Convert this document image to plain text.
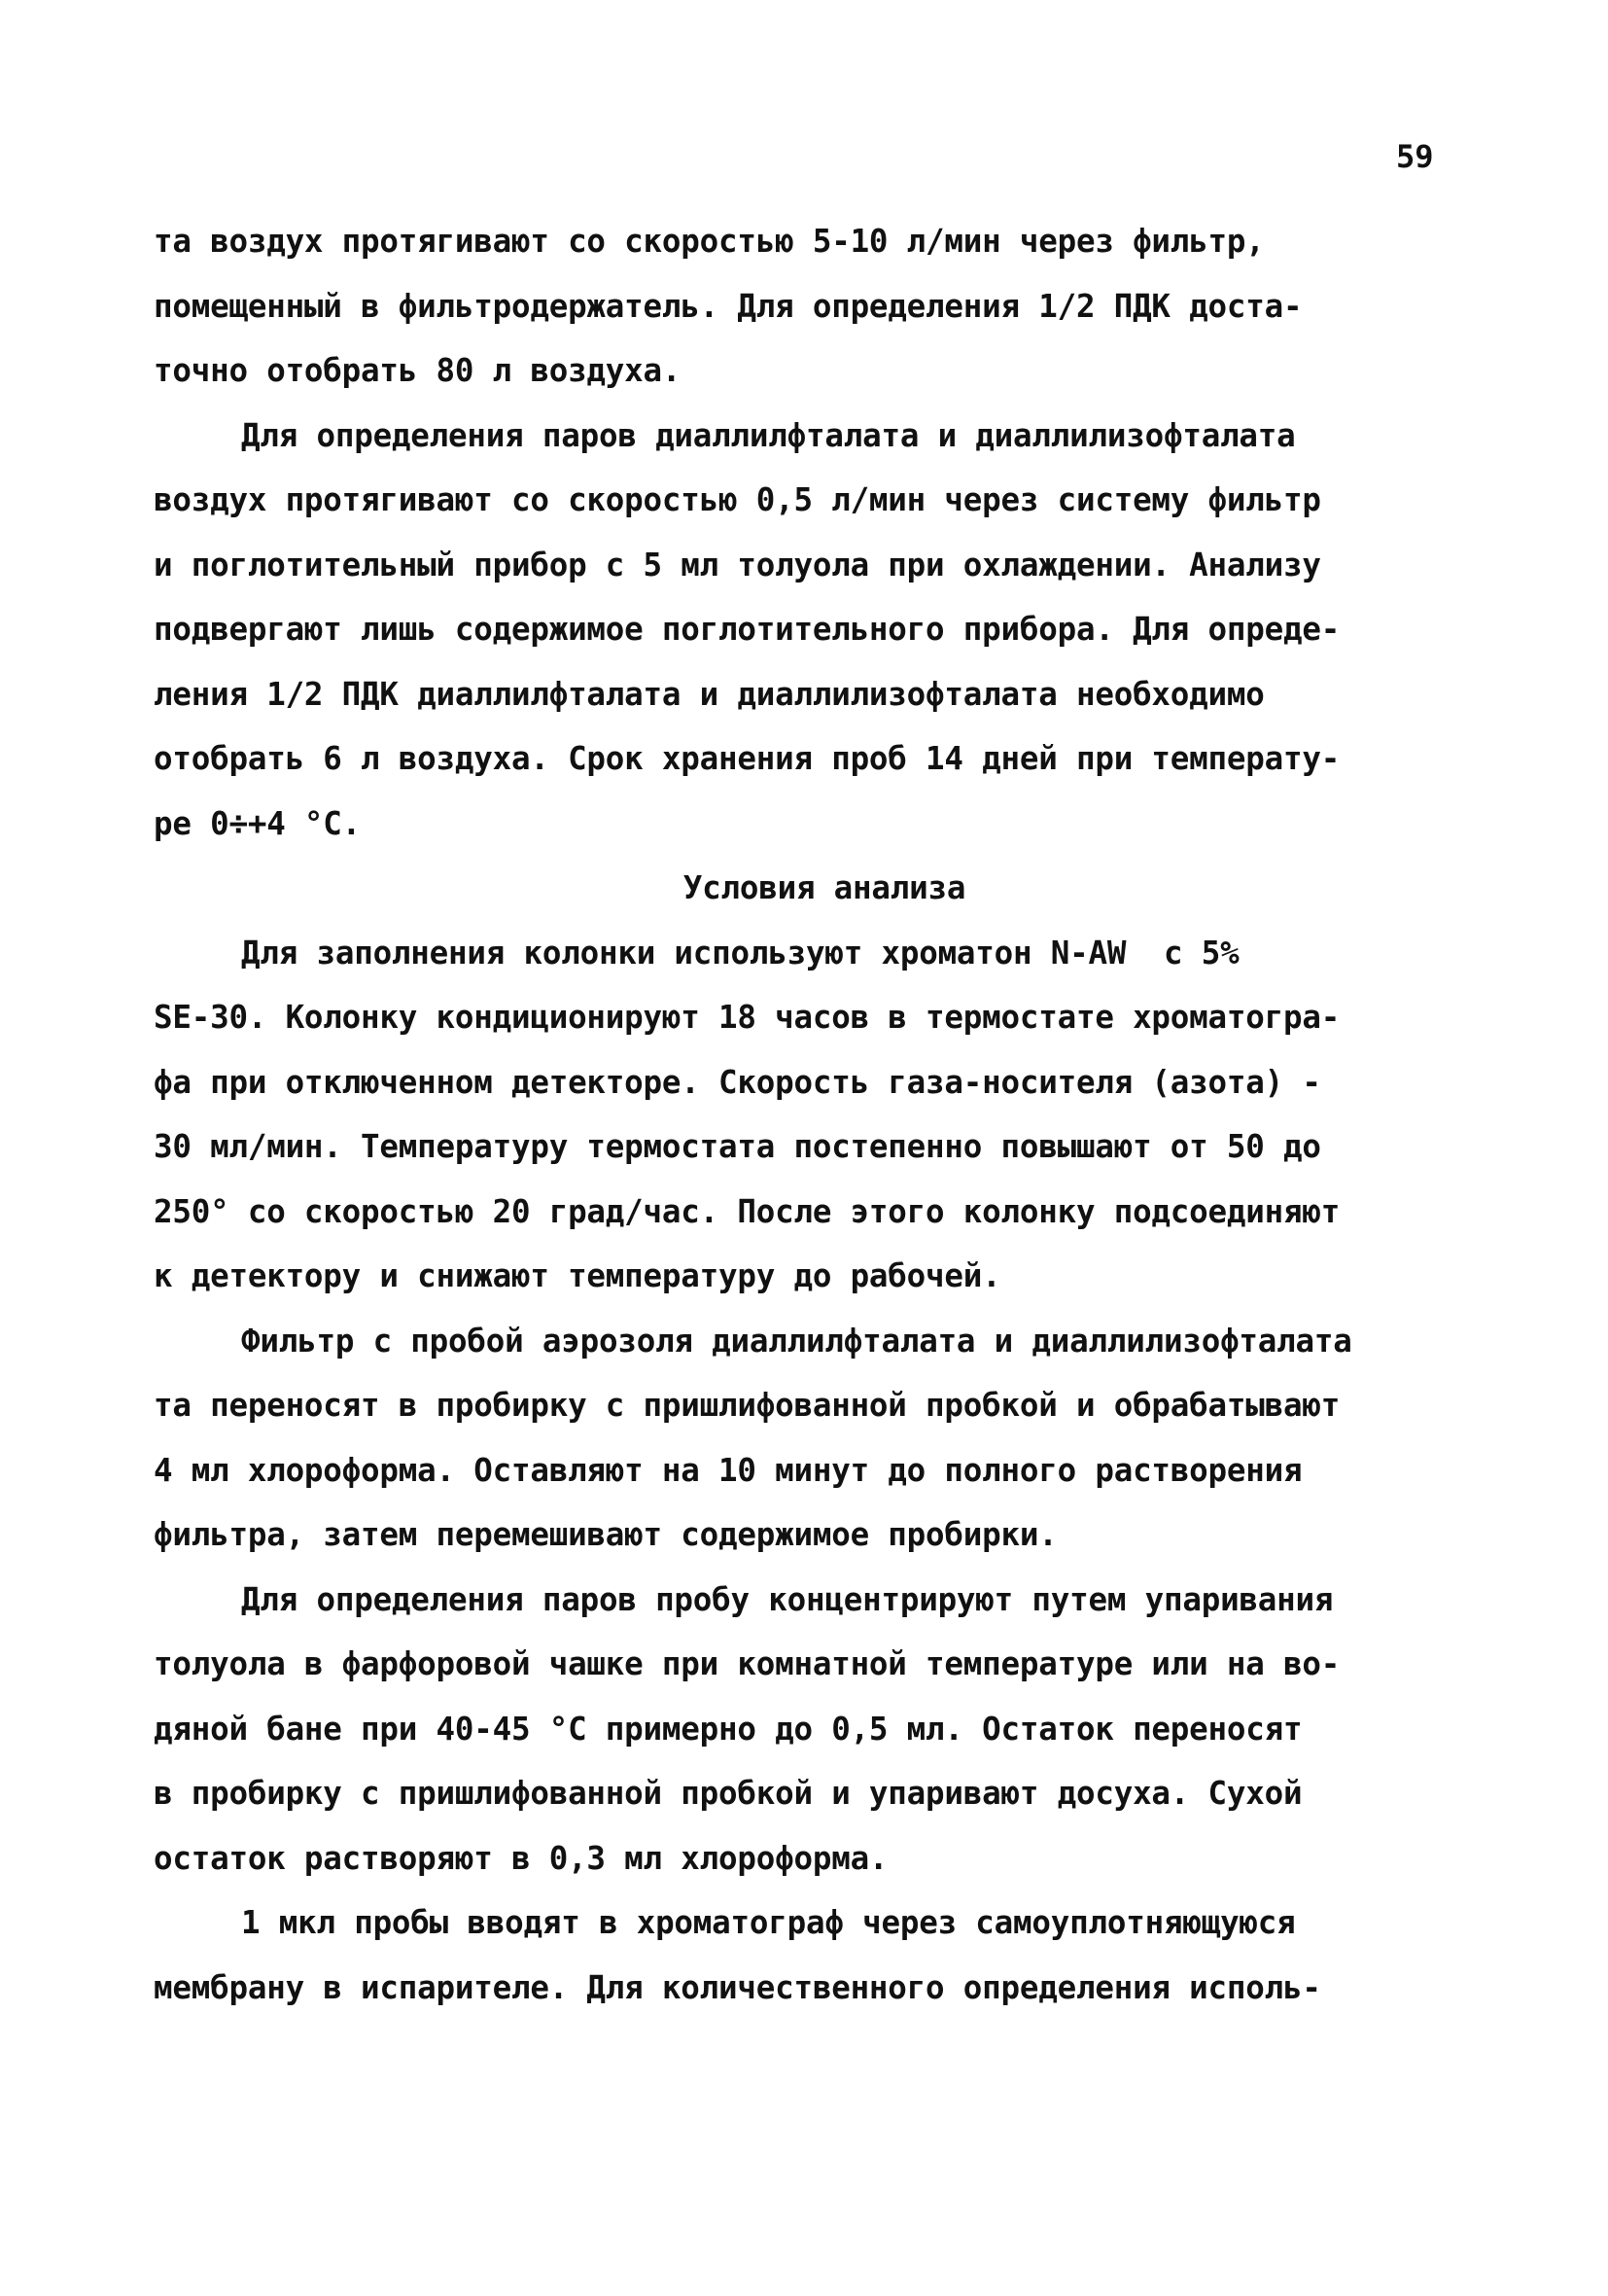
59
та воздух протягивают со скоростью 5-10 л/мин через фильтр,
помещенный в фильтродержатель. Для определения 1/2 ПДК доста-
точно отобрать 80 л воздуха.
Для определения паров диаллилфталата и диаллилизофталата
воздух протягивают со скоростью 0,5 л/мин через систему фильтр
и поглотительный прибор с 5 мл толуола при охлаждении. Анализу
подвергают лишь содержимое поглотительного прибора. Для опреде-
ления 1/2 ПДК диаллилфталата и диаллилизофталата необходимо
отобрать 6 л воздуха. Срок хранения проб 14 дней при температу-
ре 0÷+4 °С.
Условия анализа
Для заполнения колонки используют хроматон N-AW  с 5%
SE-30. Колонку кондиционируют 18 часов в термостате хроматогра-
фа при отключенном детекторе. Скорость газа-носителя (азота) -
30 мл/мин. Температуру термостата постепенно повышают от 50 до
250° со скоростью 20 град/час. После этого колонку подсоединяют
к детектору и снижают температуру до рабочей.
Фильтр с пробой аэрозоля диаллилфталата и диаллилизофталата
та переносят в пробирку с пришлифованной пробкой и обрабатывают
4 мл хлороформа. Оставляют на 10 минут до полного растворения
фильтра, затем перемешивают содержимое пробирки.
Для определения паров пробу концентрируют путем упаривания
толуола в фарфоровой чашке при комнатной температуре или на во-
дяной бане при 40-45 °С примерно до 0,5 мл. Остаток переносят
в пробирку с пришлифованной пробкой и упаривают досуха. Сухой
остаток растворяют в 0,3 мл хлороформа.
1 мкл пробы вводят в хроматограф через самоуплотняющуюся
мембрану в испарителе. Для количественного определения исполь-
